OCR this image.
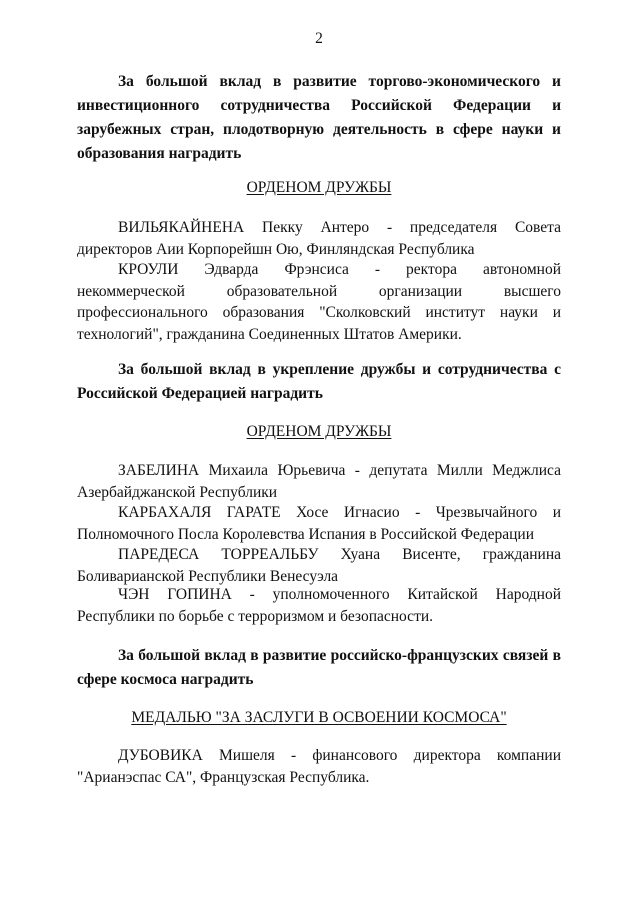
2
За большой вклад в развитие торгово-экономического и инвестиционного сотрудничества Российской Федерации и зарубежных стран, плодотворную деятельность в сфере науки и образования наградить
ОРДЕНОМ ДРУЖБЫ
ВИЛЬЯКАЙНЕНА Пекку Антеро - председателя Совета директоров Аии Корпорейшн Ою, Финляндская Республика
КРОУЛИ Эдварда Фрэнсиса - ректора автономной некоммерческой образовательной организации высшего профессионального образования "Сколковский институт науки и технологий", гражданина Соединенных Штатов Америки.
За большой вклад в укрепление дружбы и сотрудничества с Российской Федерацией наградить
ОРДЕНОМ ДРУЖБЫ
ЗАБЕЛИНА Михаила Юрьевича - депутата Милли Меджлиса Азербайджанской Республики
КАРБАХАЛЯ ГАРАТЕ Хосе Игнасио - Чрезвычайного и Полномочного Посла Королевства Испания в Российской Федерации
ПАРЕДЕСА ТОРРЕАЛЬБУ Хуана Висенте, гражданина Боливарианской Республики Венесуэла
ЧЭН ГОПИНА - уполномоченного Китайской Народной Республики по борьбе с терроризмом и безопасности.
За большой вклад в развитие российско-французских связей в сфере космоса наградить
МЕДАЛЬЮ "ЗА ЗАСЛУГИ В ОСВОЕНИИ КОСМОСА"
ДУБОВИКА Мишеля - финансового директора компании "Арианэспас СА", Французская Республика.
